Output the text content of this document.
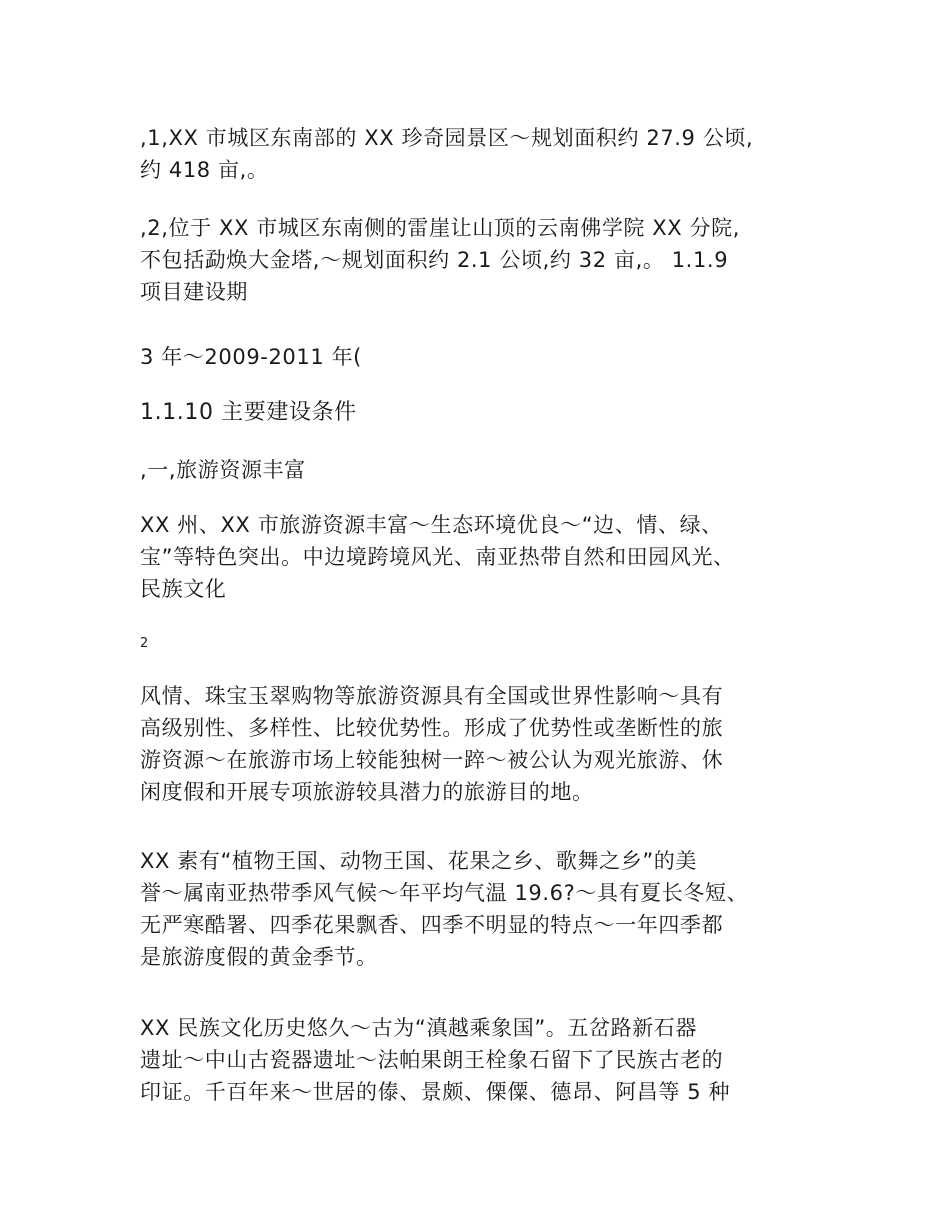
,1,XX 市城区东南部的 XX 珍奇园景区～规划面积约 27.9 公顷,
约 418 亩,。

,2,位于 XX 市城区东南侧的雷崖让山顶的云南佛学院 XX 分院,
不包括勐焕大金塔,～规划面积约 2.1 公顷,约 32 亩,。 1.1.9
项目建设期

3 年～2009-2011 年(

1.1.10 主要建设条件

,一,旅游资源丰富

XX 州、XX 市旅游资源丰富～生态环境优良～“边、情、绿、
宝”等特色突出。中边境跨境风光、南亚热带自然和田园风光、
民族文化

2

风情、珠宝玉翠购物等旅游资源具有全国或世界性影响～具有
高级别性、多样性、比较优势性。形成了优势性或垄断性的旅
游资源～在旅游市场上较能独树一踤～被公认为观光旅游、休
闲度假和开展专项旅游较具潜力的旅游目的地。

XX 素有“植物王国、动物王国、花果之乡、歌舞之乡”的美
誉～属南亚热带季风气候～年平均气温 19.6?～具有夏长冬短、
无严寒酷署、四季花果飘香、四季不明显的特点～一年四季都
是旅游度假的黄金季节。

XX 民族文化历史悠久～古为“滇越乘象国”。五岔路新石器
遗址～中山古瓷器遗址～法帕果朗王栓象石留下了民族古老的
印证。千百年来～世居的傣、景颇、傈僳、德昂、阿昌等 5 种
